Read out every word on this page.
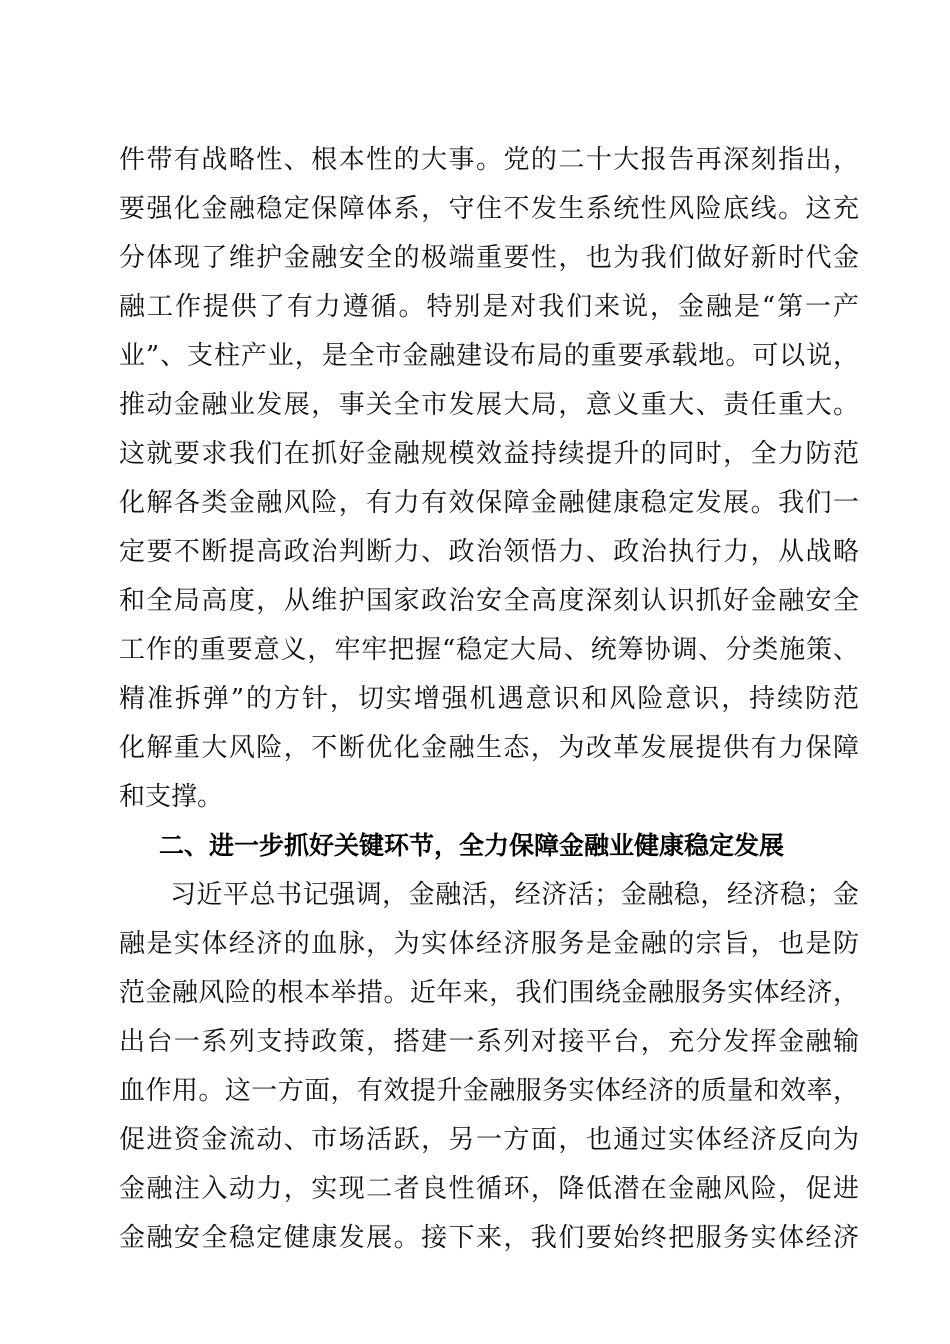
件带有战略性、根本性的大事。党的二十大报告再深刻指出，
要强化金融稳定保障体系，守住不发生系统性风险底线。这充
分体现了维护金融安全的极端重要性，也为我们做好新时代金
融工作提供了有力遵循。特别是对我们来说，金融是“第一产
业”、支柱产业，是全市金融建设布局的重要承载地。可以说，
推动金融业发展，事关全市发展大局，意义重大、责任重大。
这就要求我们在抓好金融规模效益持续提升的同时，全力防范
化解各类金融风险，有力有效保障金融健康稳定发展。我们一
定要不断提高政治判断力、政治领悟力、政治执行力，从战略
和全局高度，从维护国家政治安全高度深刻认识抓好金融安全
工作的重要意义，牢牢把握“稳定大局、统筹协调、分类施策、
精准拆弹”的方针，切实增强机遇意识和风险意识，持续防范
化解重大风险，不断优化金融生态，为改革发展提供有力保障
和支撑。
二、进一步抓好关键环节，全力保障金融业健康稳定发展
习近平总书记强调，金融活，经济活；金融稳，经济稳；金
融是实体经济的血脉，为实体经济服务是金融的宗旨，也是防
范金融风险的根本举措。近年来，我们围绕金融服务实体经济，
出台一系列支持政策，搭建一系列对接平台，充分发挥金融输
血作用。这一方面，有效提升金融服务实体经济的质量和效率，
促进资金流动、市场活跃，另一方面，也通过实体经济反向为
金融注入动力，实现二者良性循环，降低潜在金融风险，促进
金融安全稳定健康发展。接下来，我们要始终把服务实体经济
